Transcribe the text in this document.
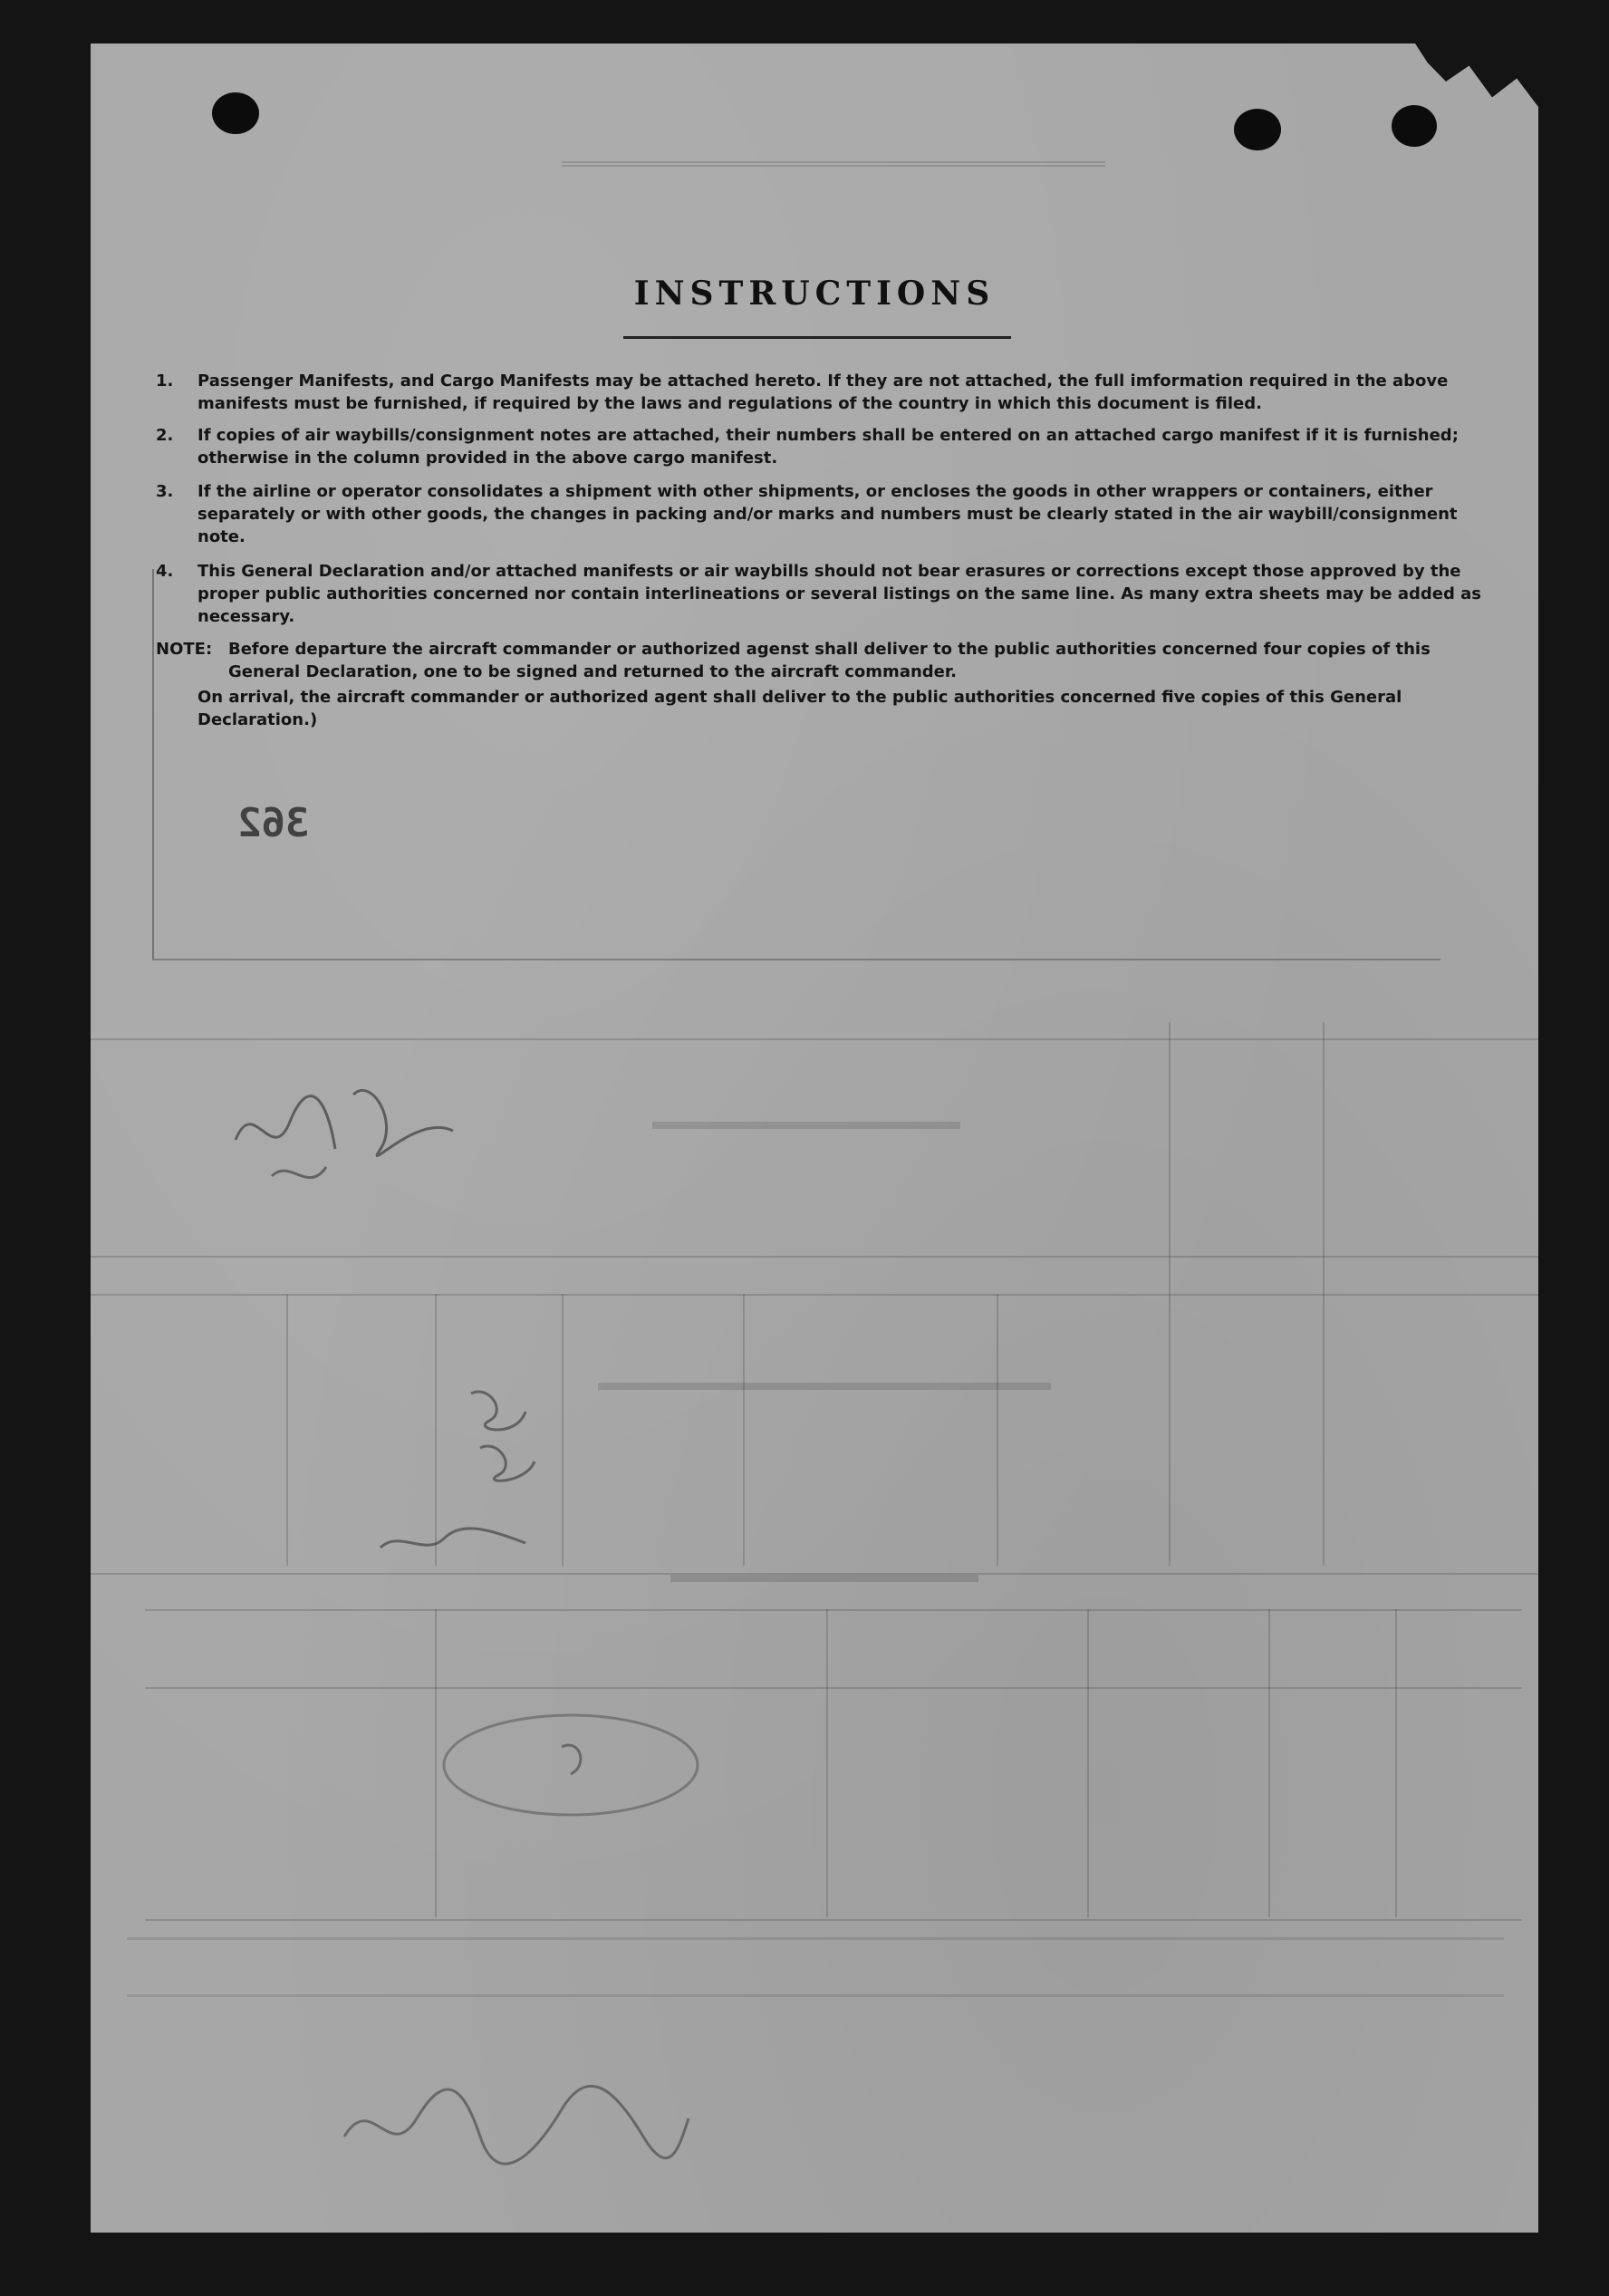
INSTRUCTIONS
1.	Passenger Manifests, and Cargo Manifests may be attached hereto. If they are not attached, the full imformation required in the above manifests must be furnished, if required by the laws and regulations of the country in which this document is filed.
2.	If copies of air waybills/consignment notes are attached, their numbers shall be entered on an attached cargo manifest if it is furnished; otherwise in the column provided in the above cargo manifest.
3.	If the airline or operator consolidates a shipment with other shipments, or encloses the goods in other wrappers or containers, either separately or with other goods, the changes in packing and/or marks and numbers must be clearly stated in the air waybill/consignment note.
4.	This General Declaration and/or attached manifests or air waybills should not bear erasures or corrections except those approved by the proper public authorities concerned nor contain interlineations or several listings on the same line. As many extra sheets may be added as necessary.
NOTE: Before departure the aircraft commander or authorized agenst shall deliver to the public authorities concerned four copies of this General Declaration, one to be signed and returned to the aircraft commander.
On arrival, the aircraft commander or authorized agent shall deliver to the public authorities concerned five copies of this General Declaration.)
362
